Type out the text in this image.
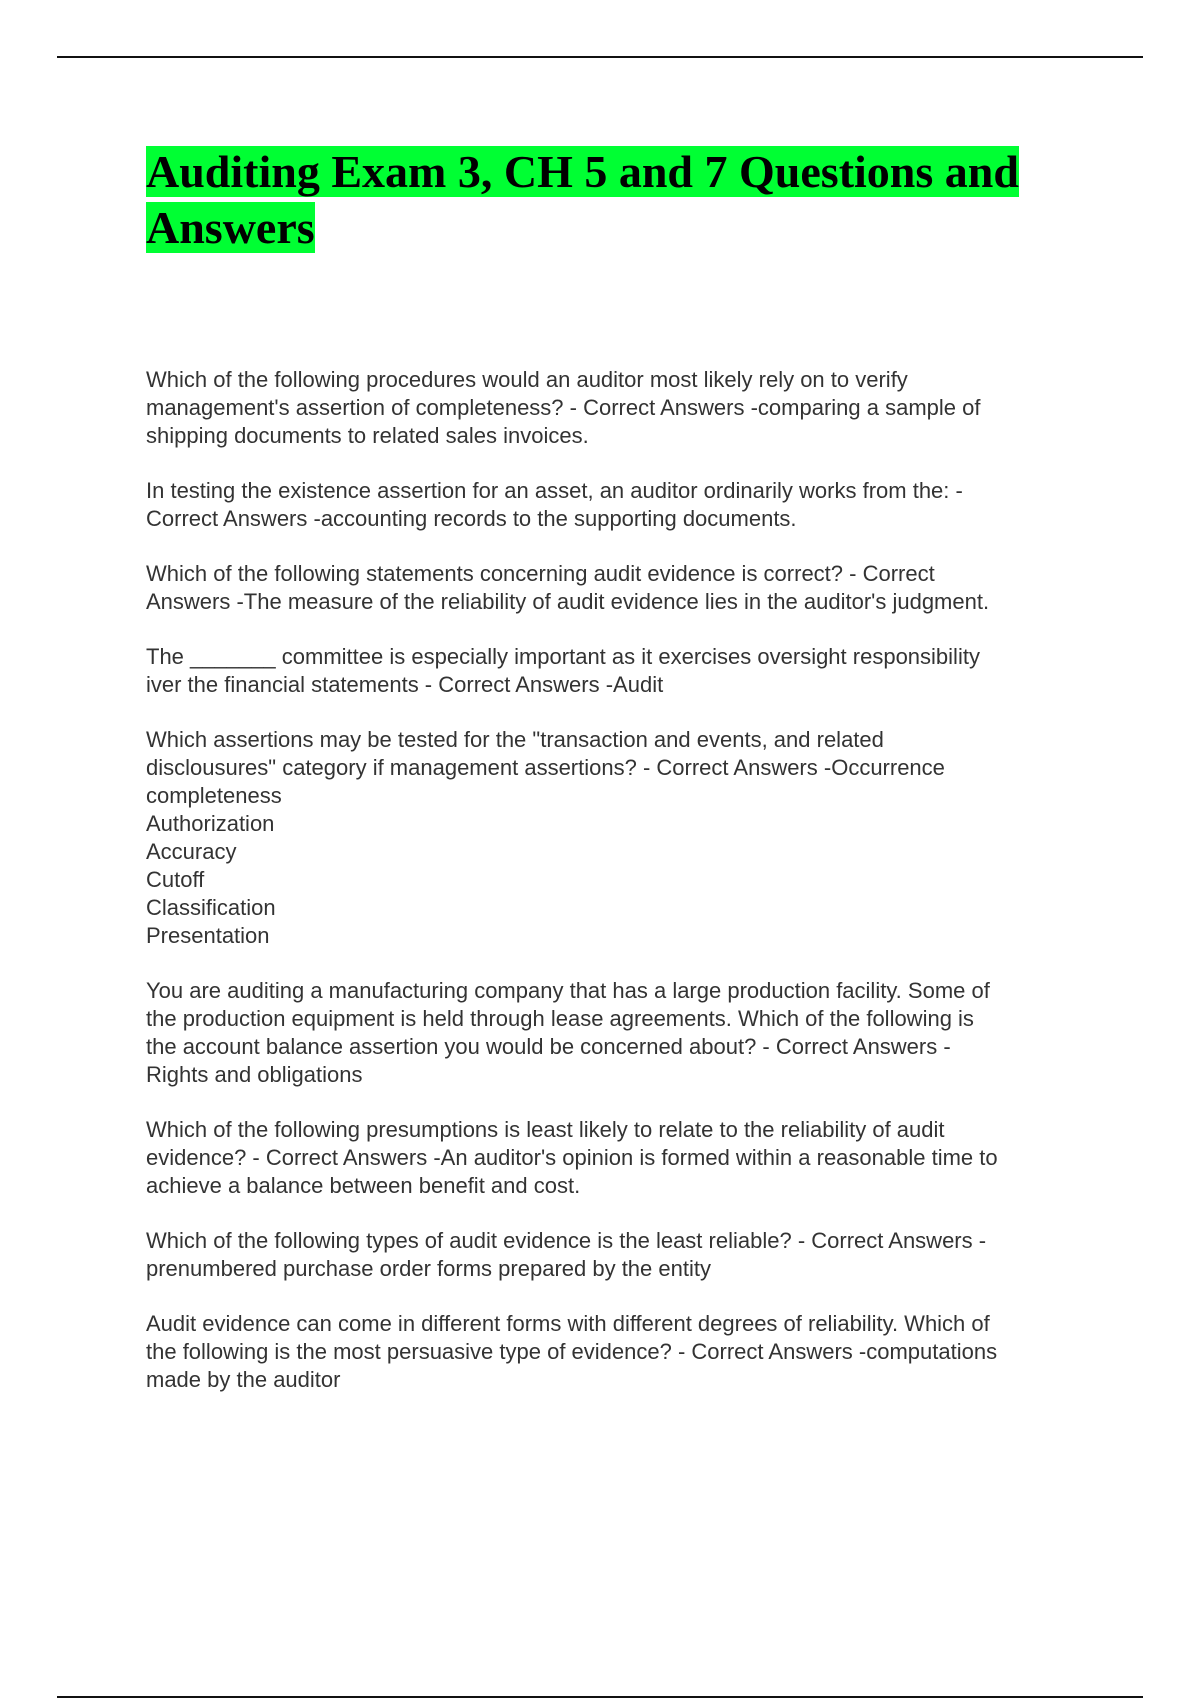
Auditing Exam 3, CH 5 and 7 Questions and Answers

Which of the following procedures would an auditor most likely rely on to verify
management's assertion of completeness? - Correct Answers -comparing a sample of
shipping documents to related sales invoices.

In testing the existence assertion for an asset, an auditor ordinarily works from the: -
Correct Answers -accounting records to the supporting documents.

Which of the following statements concerning audit evidence is correct? - Correct
Answers -The measure of the reliability of audit evidence lies in the auditor's judgment.

The _______ committee is especially important as it exercises oversight responsibility
iver the financial statements - Correct Answers -Audit

Which assertions may be tested for the "transaction and events, and related
disclousures" category if management assertions? - Correct Answers -Occurrence
completeness
Authorization
Accuracy
Cutoff
Classification
Presentation

You are auditing a manufacturing company that has a large production facility. Some of
the production equipment is held through lease agreements. Which of the following is
the account balance assertion you would be concerned about? - Correct Answers -
Rights and obligations

Which of the following presumptions is least likely to relate to the reliability of audit
evidence? - Correct Answers -An auditor's opinion is formed within a reasonable time to
achieve a balance between benefit and cost.

Which of the following types of audit evidence is the least reliable? - Correct Answers -
prenumbered purchase order forms prepared by the entity

Audit evidence can come in different forms with different degrees of reliability. Which of
the following is the most persuasive type of evidence? - Correct Answers -computations
made by the auditor
